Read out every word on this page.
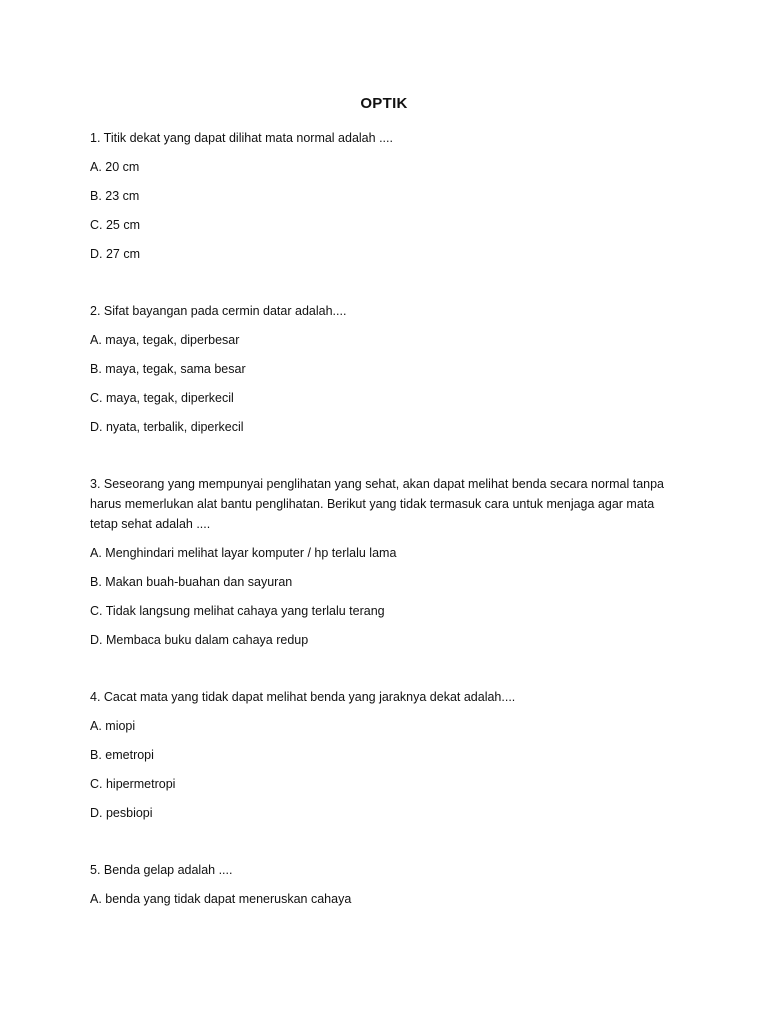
OPTIK
1. Titik dekat yang dapat dilihat mata normal adalah ....
A. 20 cm
B. 23 cm
C. 25 cm
D. 27 cm
2. Sifat bayangan pada cermin datar adalah....
A. maya, tegak, diperbesar
B. maya, tegak, sama besar
C. maya, tegak, diperkecil
D. nyata, terbalik, diperkecil
3. Seseorang yang mempunyai penglihatan yang sehat, akan dapat melihat benda secara normal tanpa harus memerlukan alat bantu penglihatan. Berikut yang tidak termasuk cara untuk menjaga agar mata tetap sehat adalah ....
A. Menghindari melihat layar komputer / hp terlalu lama
B. Makan buah-buahan dan sayuran
C. Tidak langsung melihat cahaya yang terlalu terang
D. Membaca buku dalam cahaya redup
4. Cacat mata yang tidak dapat melihat benda yang jaraknya dekat adalah....
A. miopi
B. emetropi
C. hipermetropi
D. pesbiopi
5. Benda gelap adalah ....
A. benda yang tidak dapat meneruskan cahaya
